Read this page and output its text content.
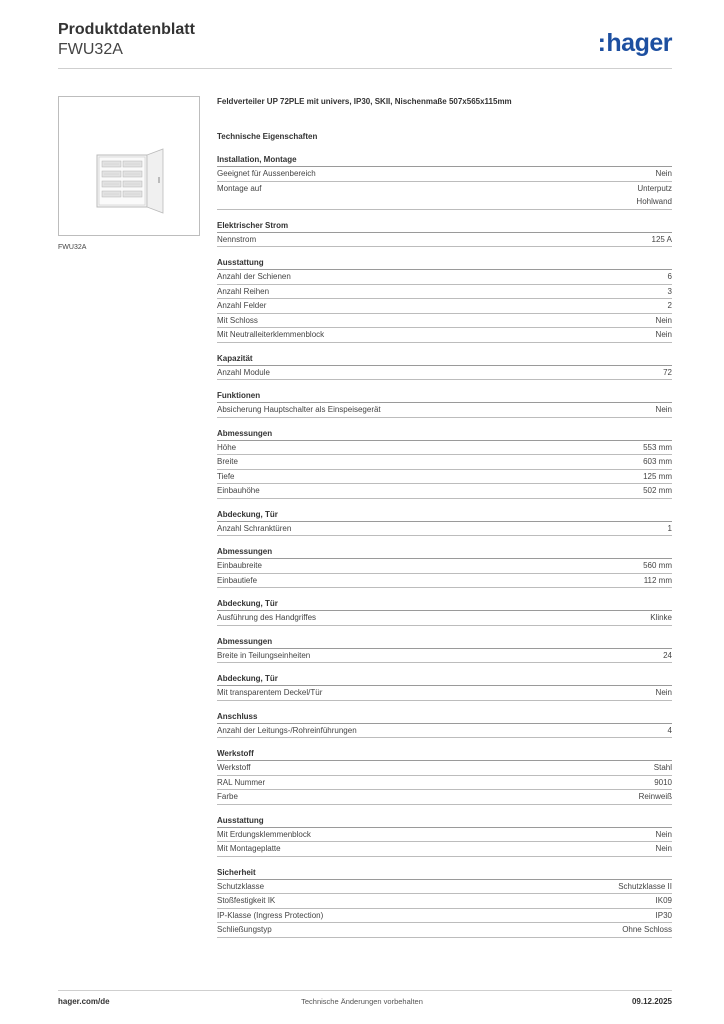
Produktdatenblatt
FWU32A	:hager
FWU32A
Feldverteiler UP 72PLE mit univers, IP30, SKII, Nischenmaße 507x565x115mm
Technische Eigenschaften
Installation, Montage
Geeignet für Aussenbereich	Nein
Montage auf	Unterputz
Hohlwand
Elektrischer Strom
Nennstrom	125 A
Ausstattung
Anzahl der Schienen	6
Anzahl Reihen	3
Anzahl Felder	2
Mit Schloss	Nein
Mit Neutralleiterklemmenblock	Nein
Kapazität
Anzahl Module	72
Funktionen
Absicherung Hauptschalter als Einspeisegerät	Nein
Abmessungen
Höhe	553 mm
Breite	603 mm
Tiefe	125 mm
Einbauhöhe	502 mm
Abdeckung, Tür
Anzahl Schranktüren	1
Abmessungen
Einbaubreite	560 mm
Einbautiefe	112 mm
Abdeckung, Tür
Ausführung des Handgriffes	Klinke
Abmessungen
Breite in Teilungseinheiten	24
Abdeckung, Tür
Mit transparentem Deckel/Tür	Nein
Anschluss
Anzahl der Leitungs-/Rohreinführungen	4
Werkstoff
Werkstoff	Stahl
RAL Nummer	9010
Farbe	Reinweiß
Ausstattung
Mit Erdungsklemmenblock	Nein
Mit Montageplatte	Nein
Sicherheit
Schutzklasse	Schutzklasse II
Stoßfestigkeit IK	IK09
IP-Klasse (Ingress Protection)	IP30
Schließungstyp	Ohne Schloss
hager.com/de	Technische Änderungen vorbehalten	09.12.2025
